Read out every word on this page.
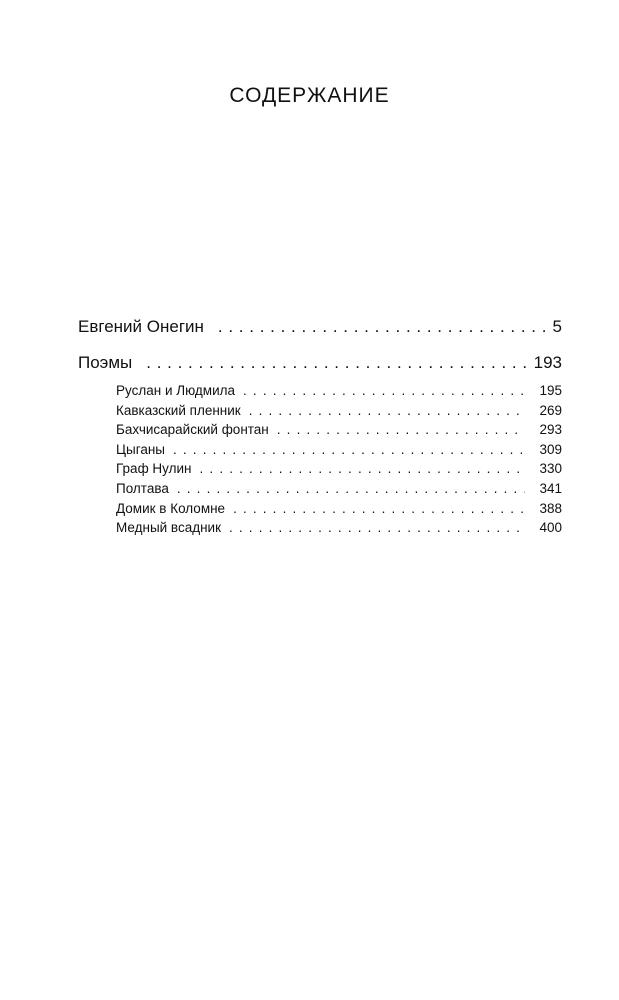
СОДЕРЖАНИЕ
Евгений Онегин . .	5
Поэмы . .	193
Руслан и Людмила . . .	195
Кавказский пленник . . .	269
Бахчисарайский фонтан . . .	293
Цыганы . . .	309
Граф Нулин . . .	330
Полтава . . .	341
Домик в Коломне . . .	388
Медный всадник . . .	400
